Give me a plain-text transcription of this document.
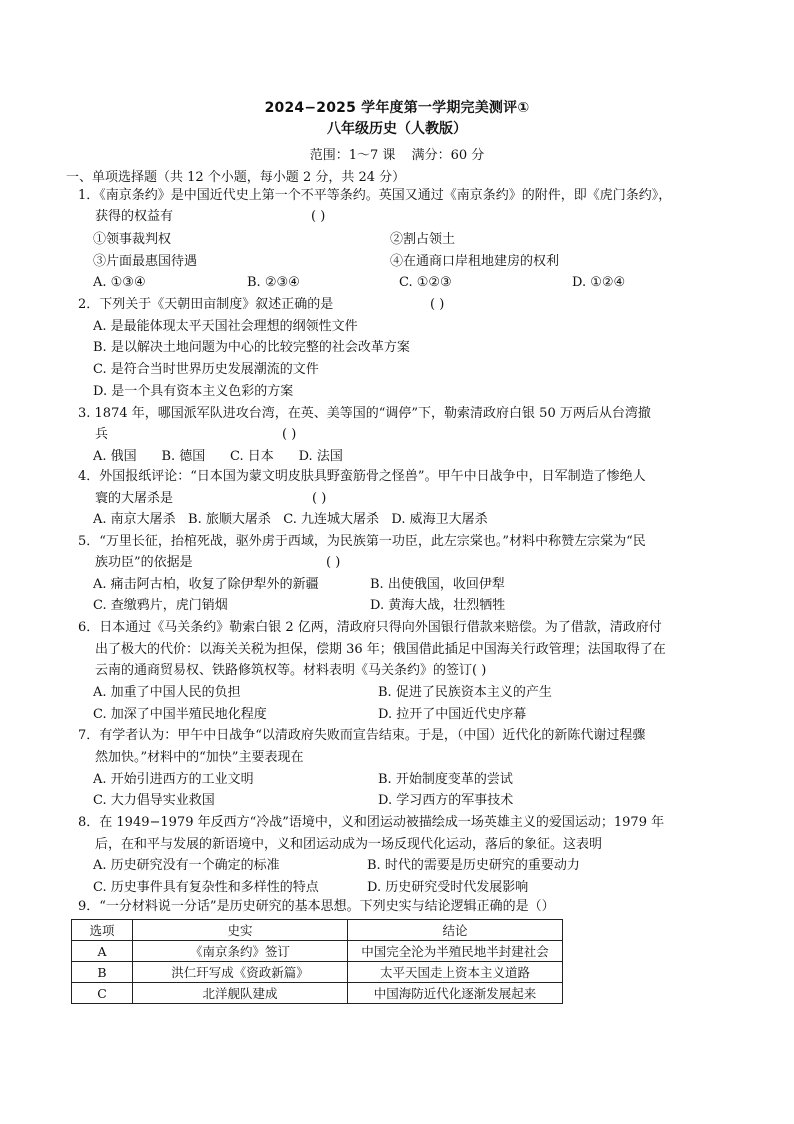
2024−2025 学年度第一学期完美测评①
八年级历史（人教版）
范围：1～7 课 满分：60 分
一、单项选择题（共 12 个小题，每小题 2 分，共 24 分）
1．《南京条约》是中国近代史上第一个不平等条约。英国又通过《南京条约》的附件，即《虎门条约》，
获得的权益有	( )
①领事裁判权	②割占领土
③片面最惠国待遇	④在通商口岸租地建房的权利
A. ①③④	B. ②③④	C. ①②③	D. ①②④
2．下列关于《天朝田亩制度》叙述正确的是	( )
A. 是最能体现太平天国社会理想的纲领性文件
B. 是以解决土地问题为中心的比较完整的社会改革方案
C. 是符合当时世界历史发展潮流的文件
D. 是一个具有资本主义色彩的方案
3. 1874 年，哪国派军队进攻台湾，在英、美等国的“调停”下，勒索清政府白银 50 万两后从台湾撤
兵	( )
A. 俄国      B. 德国      C. 日本      D. 法国
4．外国报纸评论：“日本国为蒙文明皮肤具野蛮筋骨之怪兽”。甲午中日战争中，日军制造了惨绝人
寰的大屠杀是	( )
A. 南京大屠杀   B. 旅顺大屠杀   C. 九连城大屠杀   D. 威海卫大屠杀
5．“万里长征，抬棺死战，驱外虏于西域，为民族第一功臣，此左宗棠也。”材料中称赞左宗棠为“民
族功臣”的依据是	( )
A. 痛击阿古柏，收复了除伊犁外的新疆	B. 出使俄国，收回伊犁
C. 查缴鸦片，虎门销烟	D. 黄海大战，壮烈牺牲
6．日本通过《马关条约》勒索白银 2 亿两，清政府只得向外国银行借款来赔偿。为了借款，清政府付
出了极大的代价：以海关关税为担保，偿期 36 年；俄国借此插足中国海关行政管理；法国取得了在
云南的通商贸易权、铁路修筑权等。材料表明《马关条约》的签订( )
A. 加重了中国人民的负担	B. 促进了民族资本主义的产生
C. 加深了中国半殖民地化程度	D. 拉开了中国近代史序幕
7．有学者认为：甲午中日战争“以清政府失败而宣告结束。于是，（中国）近代化的新陈代谢过程骤
然加快。”材料中的“加快”主要表现在
A. 开始引进西方的工业文明	B. 开始制度变革的尝试
C. 大力倡导实业救国	D. 学习西方的军事技术
8．在 1949−1979 年反西方“冷战”语境中，义和团运动被描绘成一场英雄主义的爱国运动；1979 年
后，在和平与发展的新语境中，义和团运动成为一场反现代化运动，落后的象征。这表明
A. 历史研究没有一个确定的标准	B. 时代的需要是历史研究的重要动力
C. 历史事件具有复杂性和多样性的特点	D. 历史研究受时代发展影响
9．“一分材料说一分话”是历史研究的基本思想。下列史实与结论逻辑正确的是（）
选项	史实	结论
A	《南京条约》签订	中国完全沦为半殖民地半封建社会
B	洪仁玕写成《资政新篇》	太平天国走上资本主义道路
C	北洋舰队建成	中国海防近代化逐渐发展起来
